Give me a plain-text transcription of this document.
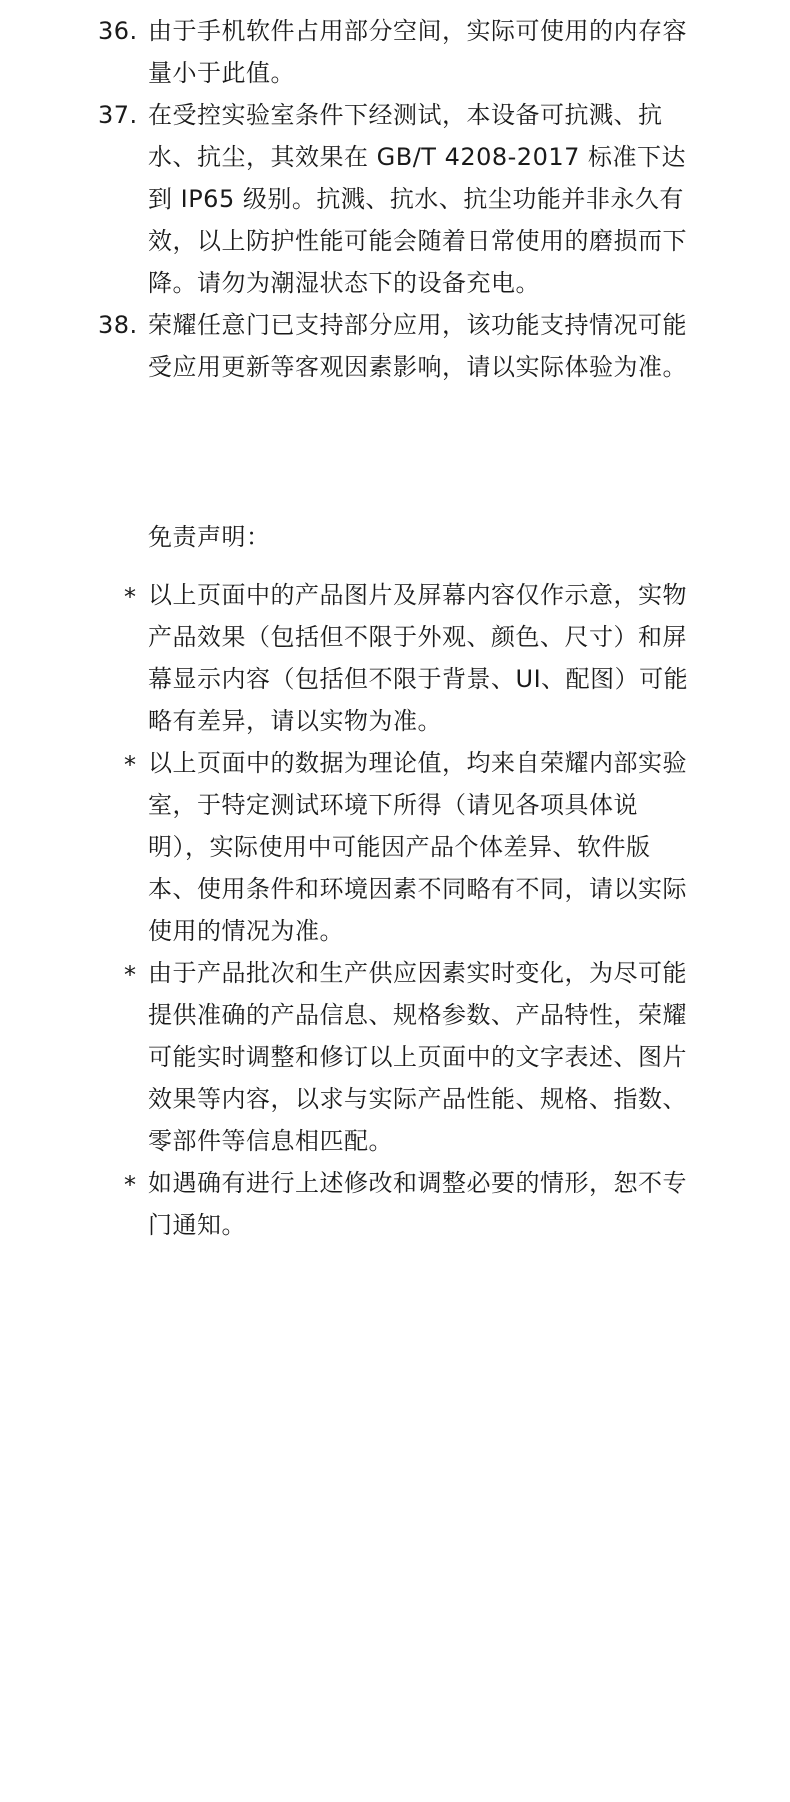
36. 由于手机软件占用部分空间，实际可使用的内存容量小于此值。
37. 在受控实验室条件下经测试，本设备可抗溅、抗水、抗尘，其效果在 GB/T 4208-2017 标准下达到 IP65 级别。抗溅、抗水、抗尘功能并非永久有效，以上防护性能可能会随着日常使用的磨损而下降。请勿为潮湿状态下的设备充电。
38. 荣耀任意门已支持部分应用，该功能支持情况可能受应用更新等客观因素影响，请以实际体验为准。
免责声明：
* 以上页面中的产品图片及屏幕内容仅作示意，实物产品效果（包括但不限于外观、颜色、尺寸）和屏幕显示内容（包括但不限于背景、UI、配图）可能略有差异，请以实物为准。
* 以上页面中的数据为理论值，均来自荣耀内部实验室，于特定测试环境下所得（请见各项具体说明），实际使用中可能因产品个体差异、软件版本、使用条件和环境因素不同略有不同，请以实际使用的情况为准。
* 由于产品批次和生产供应因素实时变化，为尽可能提供准确的产品信息、规格参数、产品特性，荣耀可能实时调整和修订以上页面中的文字表述、图片效果等内容，以求与实际产品性能、规格、指数、零部件等信息相匹配。
* 如遇确有进行上述修改和调整必要的情形，恕不专门通知。
